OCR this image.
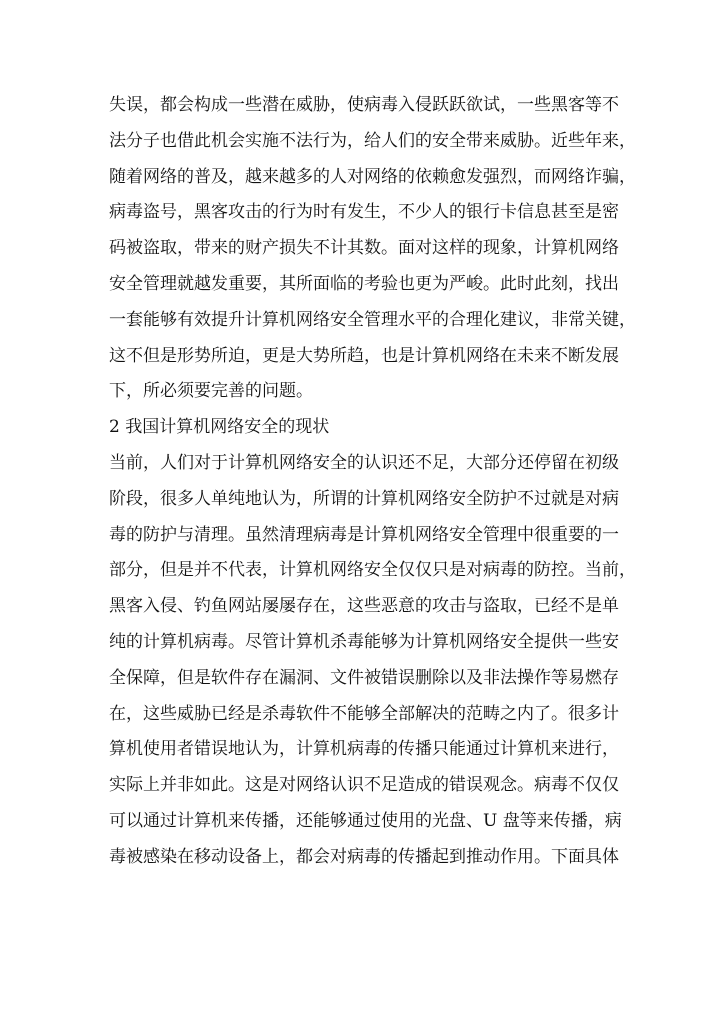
失误，都会构成一些潜在威胁，使病毒入侵跃跃欲试，一些黑客等不
法分子也借此机会实施不法行为，给人们的安全带来威胁。近些年来，
随着网络的普及，越来越多的人对网络的依赖愈发强烈，而网络诈骗，
病毒盗号，黑客攻击的行为时有发生，不少人的银行卡信息甚至是密
码被盗取，带来的财产损失不计其数。面对这样的现象，计算机网络
安全管理就越发重要，其所面临的考验也更为严峻。此时此刻，找出
一套能够有效提升计算机网络安全管理水平的合理化建议，非常关键，
这不但是形势所迫，更是大势所趋，也是计算机网络在未来不断发展
下，所必须要完善的问题。
2 我国计算机网络安全的现状
当前，人们对于计算机网络安全的认识还不足，大部分还停留在初级
阶段，很多人单纯地认为，所谓的计算机网络安全防护不过就是对病
毒的防护与清理。虽然清理病毒是计算机网络安全管理中很重要的一
部分，但是并不代表，计算机网络安全仅仅只是对病毒的防控。当前，
黑客入侵、钓鱼网站屡屡存在，这些恶意的攻击与盗取，已经不是单
纯的计算机病毒。尽管计算机杀毒能够为计算机网络安全提供一些安
全保障，但是软件存在漏洞、文件被错误删除以及非法操作等易燃存
在，这些威胁已经是杀毒软件不能够全部解决的范畴之内了。很多计
算机使用者错误地认为，计算机病毒的传播只能通过计算机来进行，
实际上并非如此。这是对网络认识不足造成的错误观念。病毒不仅仅
可以通过计算机来传播，还能够通过使用的光盘、U 盘等来传播，病
毒被感染在移动设备上，都会对病毒的传播起到推动作用。下面具体
